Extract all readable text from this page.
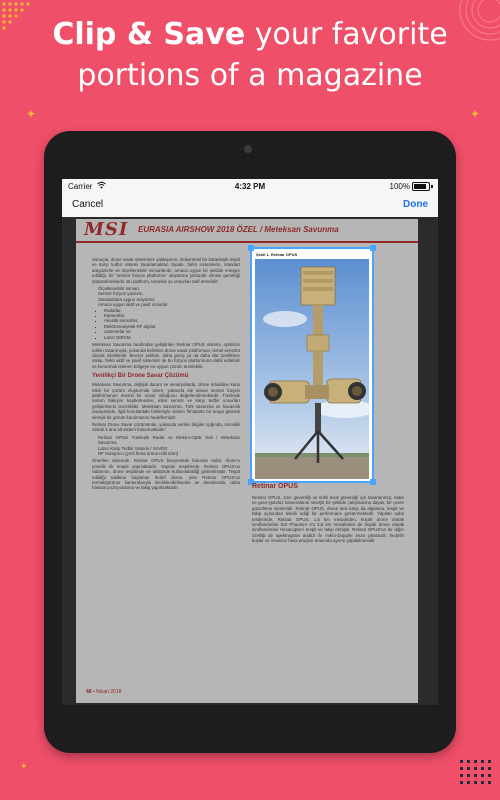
✦	✦
✦
Clip & Save your favorite
portions of a magazine
Carrier	4:32 PM	100%
Cancel	Done
MSI EURASIA AIRSHOW 2018 ÖZEL / Meteksan Savunma

Sonuçta, drone savar sistemlere yaklaşımın, mükemmel bir bütünleşik tespit ve karşı tedbir sistemi tasarlamaktan ziyade, farklı sistemlerin, standart arayüzlerle ve ölçeklenebilir mimarilerde, amaca uygun bir şekilde entegre edildiği, bir "sensör füzyon platformu" oluşturma yönünde olması gerektiği düşünülmektedir. Bu platform, temelde şu unsurları tarif etmelidir:

▪ Ölçeklenebilir mimari,
▪ Sensör füzyon yazılımı,
▪ Standartlara uygun arayüzler,
▪ Amaca uygun aktif ve pasif unsurlar:
▪ Radarlar,
▪ Kameralar,
▪ Akustik sensörler,
▪ Elektromanyetik RF algılar,
▪ Jammerlar ve
▪ Lazer DIRCM.

Meteksan Savunma tarafından geliştirilen Retinar OPUS sistemi, optimize edilen tasarımıyla, yukarıda belirtilen drone savar platformun, temel sensörü olacak niteliktedir. Benzer şekilde, daha geniş ya da daha dar özelliklere sahip, farklı aktif ve pasif sistemler de bu füzyon platformuna dahil edilebilir ve korunmak istenen bölgeye en uygun çözüm üretilebilir.

Yenilikçi Bir Drone Savar Çözümü

Meteksan Savunma, değişik durum ve senaryolarda, drone tehdidine karşı etkin bir çözüm oluşturmak üzere, yukarıda ele alınan sensör füzyon platformunun önemli bir unsur olduğunu değerlendirmektedir. Tümleşik sistem bakışını kaybetmeden, etkin sensör ve karşı tedbir unsurları geliştirilmesi önceliklidir. Meteksan Savunma, Türk savunma ve havacılık sanayisinde, ilgili konulardaki birikimiyle sistem firmalarla bir araya gelerek sinerjik bir görüm kurulmasını hedeflemiştir.

Retinar Drone Savar çözümünde, yukarıda verilen bilgiler ışığında, öncelikli olarak 3 ana alt sistem bulunmaktadır:

▪ Retinar OPUS Tümleşik Radar ve Elektro-Optik Suit / Meteksan Savunma
▪ Lazer Karşı Tedbir Sistemi / SAVER
▪ RF Karıştırıcı (yerli firma ürünü milli ürün)

Önerilen sistemde, Retinar OPUS bünyesinde bulunan radar, drone'u yönelik ilk tespiti yapmaktadır. Yapılan tespitlerde, Retinar OPUS'un radarının, drone tespitinde ve takibinde kullanılabildiği gösterilmiştir. Tespit edildiği takibine başlanan hedef drone, yine Retinar OPUS'un termal/görünür kameralarıyla kimliklendirilmekte ve devamında, daha hassas pozisyonlama ve takip yapılmaktadır.

Şekil 1. Retinar OPUS
Retinar OPUS

Retinar OPUS, sınır güvenliği ve kritik tesis güvenliği için tasarlanmış; radar ve gece-gündüz kameralarını sinerjik bir şekilde çalışmasına dayalı, bir çevre gözetleme sistemidir. Retinar OPUS, drone lara karşı da algılama, tespit ve takip açısından teknik ediği bir performans göstermektedir. Yapılan saha testlerinde, Retinar OPUS, 1,5 km mesafeden, küçük drone olarak sınıflandırılan DJI Phantom 4'ü 2,5 km mesafeden de büyük drone olarak sınıflandırılan Hexacopter'i tespit ve takip etmiştir. Retinar OPUS'un bir diğer özelliği de spektrogram analizi ile mikro-Doppler imza çıkararak, hedefin kuşlar ve insansız hava araçları arasında ayrımı yapabilmesidir.

48 • Nisan 2018
